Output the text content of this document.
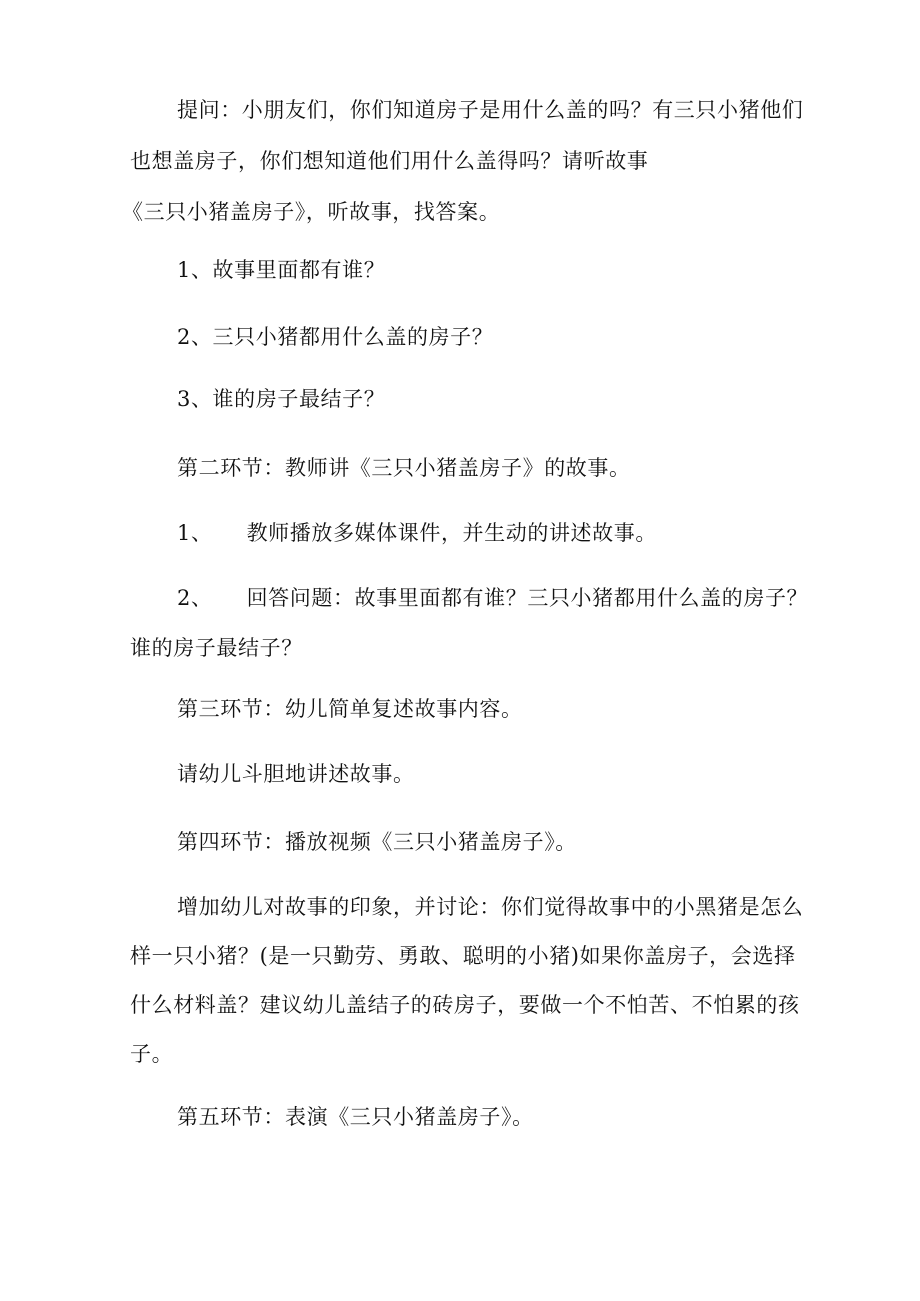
提问：小朋友们，你们知道房子是用什么盖的吗？有三只小猪他们
也想盖房子，你们想知道他们用什么盖得吗？请听故事
《三只小猪盖房子》，听故事，找答案。
1、故事里面都有谁？
2、三只小猪都用什么盖的房子？
3、谁的房子最结子？
第二环节：教师讲《三只小猪盖房子》的故事。
1、 教师播放多媒体课件，并生动的讲述故事。
2、 回答问题：故事里面都有谁？三只小猪都用什么盖的房子？
谁的房子最结子？
第三环节：幼儿简单复述故事内容。
请幼儿斗胆地讲述故事。
第四环节：播放视频《三只小猪盖房子》。
增加幼儿对故事的印象，并讨论：你们觉得故事中的小黑猪是怎么
样一只小猪？(是一只勤劳、勇敢、聪明的小猪)如果你盖房子，会选择
什么材料盖？建议幼儿盖结子的砖房子，要做一个不怕苦、不怕累的孩
子。
第五环节：表演《三只小猪盖房子》。
